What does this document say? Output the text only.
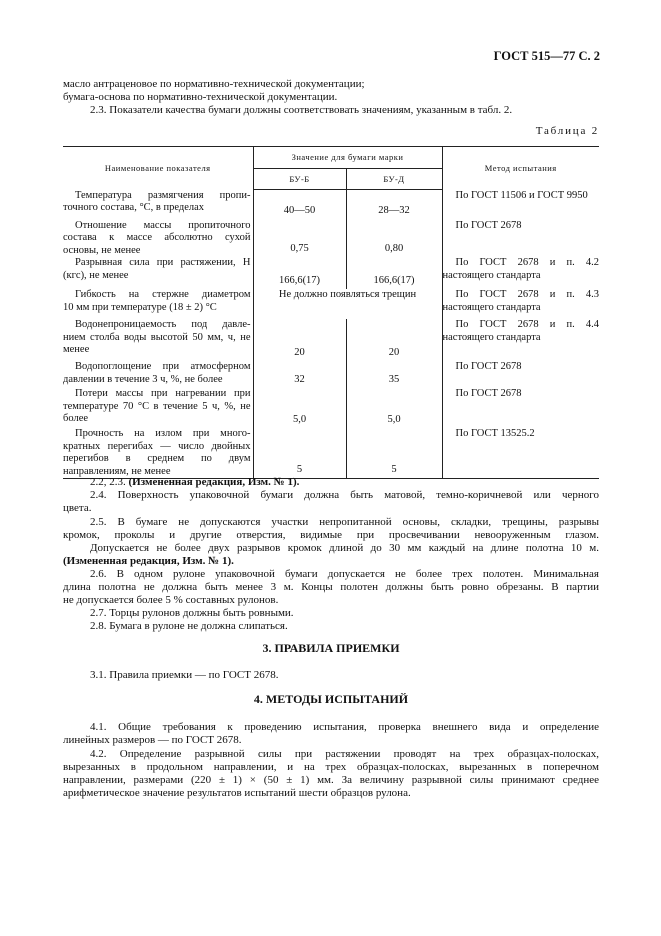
ГОСТ 515—77 С. 2
масло антраценовое по нормативно-технической документации;
бумага-основа по нормативно-технической документации.
2.3. Показатели качества бумаги должны соответствовать значениям, указанным в табл. 2.
Таблица 2
Наименование показателя	Значение для бумаги марки		Метод испытания
	БУ-Б	БУ-Д	

Температура размягчения пропи-
точного состава, °С, в пределах	40—50	28—32	По ГОСТ 11506 и ГОСТ 9950

Отношение массы пропиточного
состава к массе абсолютно сухой
основы, не менее	0,75	0,80	По ГОСТ 2678

Разрывная сила при растяжении, Н
(кгс), не менее	166,6(17)	166,6(17)	По ГОСТ 2678 и п. 4.2
настоящего стандарта

Гибкость на стержне диаметром
10 мм при температуре (18 ± 2) °С	Не должно появляться трещин		По ГОСТ 2678 и п. 4.3
настоящего стандарта

Водонепроницаемость под давле-
нием столба воды высотой 50 мм, ч, не
менее	20	20	По ГОСТ 2678 и п. 4.4
настоящего стандарта

Водопоглощение при атмосферном
давлении в течение 3 ч, %, не более	32	35	По ГОСТ 2678

Потери массы при нагревании при
температуре 70 °С в течение 5 ч, %, не
более	5,0	5,0	По ГОСТ 2678

Прочность на излом при много-
кратных перегибах — число двойных
перегибов в среднем по двум
направлениям, не менее	5	5	По ГОСТ 13525.2
2.2, 2.3. (Измененная редакция, Изм. № 1).
2.4. Поверхность упаковочной бумаги должна быть матовой, темно-коричневой или черного
цвета.
2.5. В бумаге не допускаются участки непропитанной основы, складки, трещины, разрывы
кромок, проколы и другие отверстия, видимые при просвечивании невооруженным глазом.
Допускается не более двух разрывов кромок длиной до 30 мм каждый на длине полотна 10 м.
(Измененная редакция, Изм. № 1).
2.6. В одном рулоне упаковочной бумаги допускается не более трех полотен. Минимальная
длина полотна не должна быть менее 3 м. Концы полотен должны быть ровно обрезаны. В партии
не допускается более 5 % составных рулонов.
2.7. Торцы рулонов должны быть ровными.
2.8. Бумага в рулоне не должна слипаться.
3. ПРАВИЛА ПРИЕМКИ
3.1. Правила приемки — по ГОСТ 2678.
4. МЕТОДЫ ИСПЫТАНИЙ
4.1. Общие требования к проведению испытания, проверка внешнего вида и определение
линейных размеров — по ГОСТ 2678.
4.2. Определение разрывной силы при растяжении проводят на трех образцах-полосках,
вырезанных в продольном направлении, и на трех образцах-полосках, вырезанных в поперечном
направлении, размерами (220 ± 1) × (50 ± 1) мм. За величину разрывной силы принимают среднее
арифметическое значение результатов испытаний шести образцов рулона.
